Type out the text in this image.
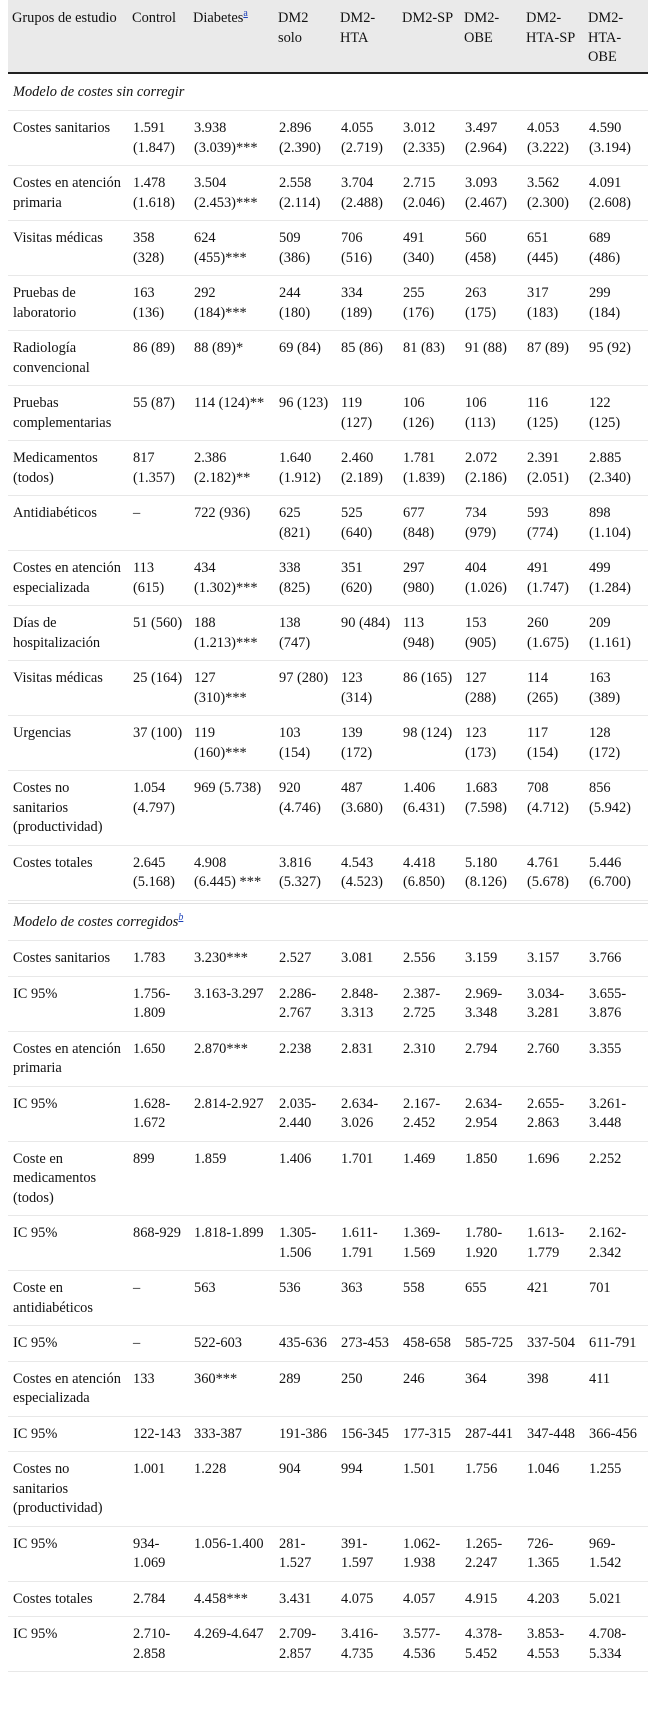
Grupos de estudio	Control	Diabetes$^a$	DM2 solo	DM2-HTA	DM2-SP	DM2-OBE	DM2-HTA-SP	DM2-HTA-OBE
Modelo de costes sin corregir								
Costes sanitarios	1.591 (1.847)	3.938 (3.039)***	2.896 (2.390)	4.055 (2.719)	3.012 (2.335)	3.497 (2.964)	4.053 (3.222)	4.590 (3.194)
Costes en atención primaria	1.478 (1.618)	3.504 (2.453)***	2.558 (2.114)	3.704 (2.488)	2.715 (2.046)	3.093 (2.467)	3.562 (2.300)	4.091 (2.608)
Visitas médicas	358 (328)	624 (455)***	509 (386)	706 (516)	491 (340)	560 (458)	651 (445)	689 (486)
Pruebas de laboratorio	163 (136)	292 (184)***	244 (180)	334 (189)	255 (176)	263 (175)	317 (183)	299 (184)
Radiología convencional	86 (89)	88 (89)*	69 (84)	85 (86)	81 (83)	91 (88)	87 (89)	95 (92)
Pruebas complementarias	55 (87)	114 (124)**	96 (123)	119 (127)	106 (126)	106 (113)	116 (125)	122 (125)
Medicamentos (todos)	817 (1.357)	2.386 (2.182)**	1.640 (1.912)	2.460 (2.189)	1.781 (1.839)	2.072 (2.186)	2.391 (2.051)	2.885 (2.340)
Antidiabéticos	–	722 (936)	625 (821)	525 (640)	677 (848)	734 (979)	593 (774)	898 (1.104)
Costes en atención especializada	113 (615)	434 (1.302)***	338 (825)	351 (620)	297 (980)	404 (1.026)	491 (1.747)	499 (1.284)
Días de hospitalización	51 (560)	188 (1.213)***	138 (747)	90 (484)	113 (948)	153 (905)	260 (1.675)	209 (1.161)
Visitas médicas	25 (164)	127 (310)***	97 (280)	123 (314)	86 (165)	127 (288)	114 (265)	163 (389)
Urgencias	37 (100)	119 (160)***	103 (154)	139 (172)	98 (124)	123 (173)	117 (154)	128 (172)
Costes no sanitarios (productividad)	1.054 (4.797)	969 (5.738)	920 (4.746)	487 (3.680)	1.406 (6.431)	1.683 (7.598)	708 (4.712)	856 (5.942)
Costes totales	2.645 (5.168)	4.908 (6.445) ***	3.816 (5.327)	4.543 (4.523)	4.418 (6.850)	5.180 (8.126)	4.761 (5.678)	5.446 (6.700)

Modelo de costes corregidos$^b$
Costes sanitarios	1.783	3.230***	2.527	3.081	2.556	3.159	3.157	3.766
IC 95%	1.756-1.809	3.163-3.297	2.286-2.767	2.848-3.313	2.387-2.725	2.969-3.348	3.034-3.281	3.655-3.876
Costes en atención primaria	1.650	2.870***	2.238	2.831	2.310	2.794	2.760	3.355
IC 95%	1.628-1.672	2.814-2.927	2.035-2.440	2.634-3.026	2.167-2.452	2.634-2.954	2.655-2.863	3.261-3.448
Coste en medicamentos (todos)	899	1.859	1.406	1.701	1.469	1.850	1.696	2.252
IC 95%	868-929	1.818-1.899	1.305-1.506	1.611-1.791	1.369-1.569	1.780-1.920	1.613-1.779	2.162-2.342
Coste en antidiabéticos	–	563	536	363	558	655	421	701
IC 95%	–	522-603	435-636	273-453	458-658	585-725	337-504	611-791
Costes en atención especializada	133	360***	289	250	246	364	398	411
IC 95%	122-143	333-387	191-386	156-345	177-315	287-441	347-448	366-456
Costes no sanitarios (productividad)	1.001	1.228	904	994	1.501	1.756	1.046	1.255
IC 95%	934-1.069	1.056-1.400	281-1.527	391-1.597	1.062-1.938	1.265-2.247	726-1.365	969-1.542
Costes totales	2.784	4.458***	3.431	4.075	4.057	4.915	4.203	5.021
IC 95%	2.710-2.858	4.269-4.647	2.709-2.857	3.416-4.735	3.577-4.536	4.378-5.452	3.853-4.553	4.708-5.334
